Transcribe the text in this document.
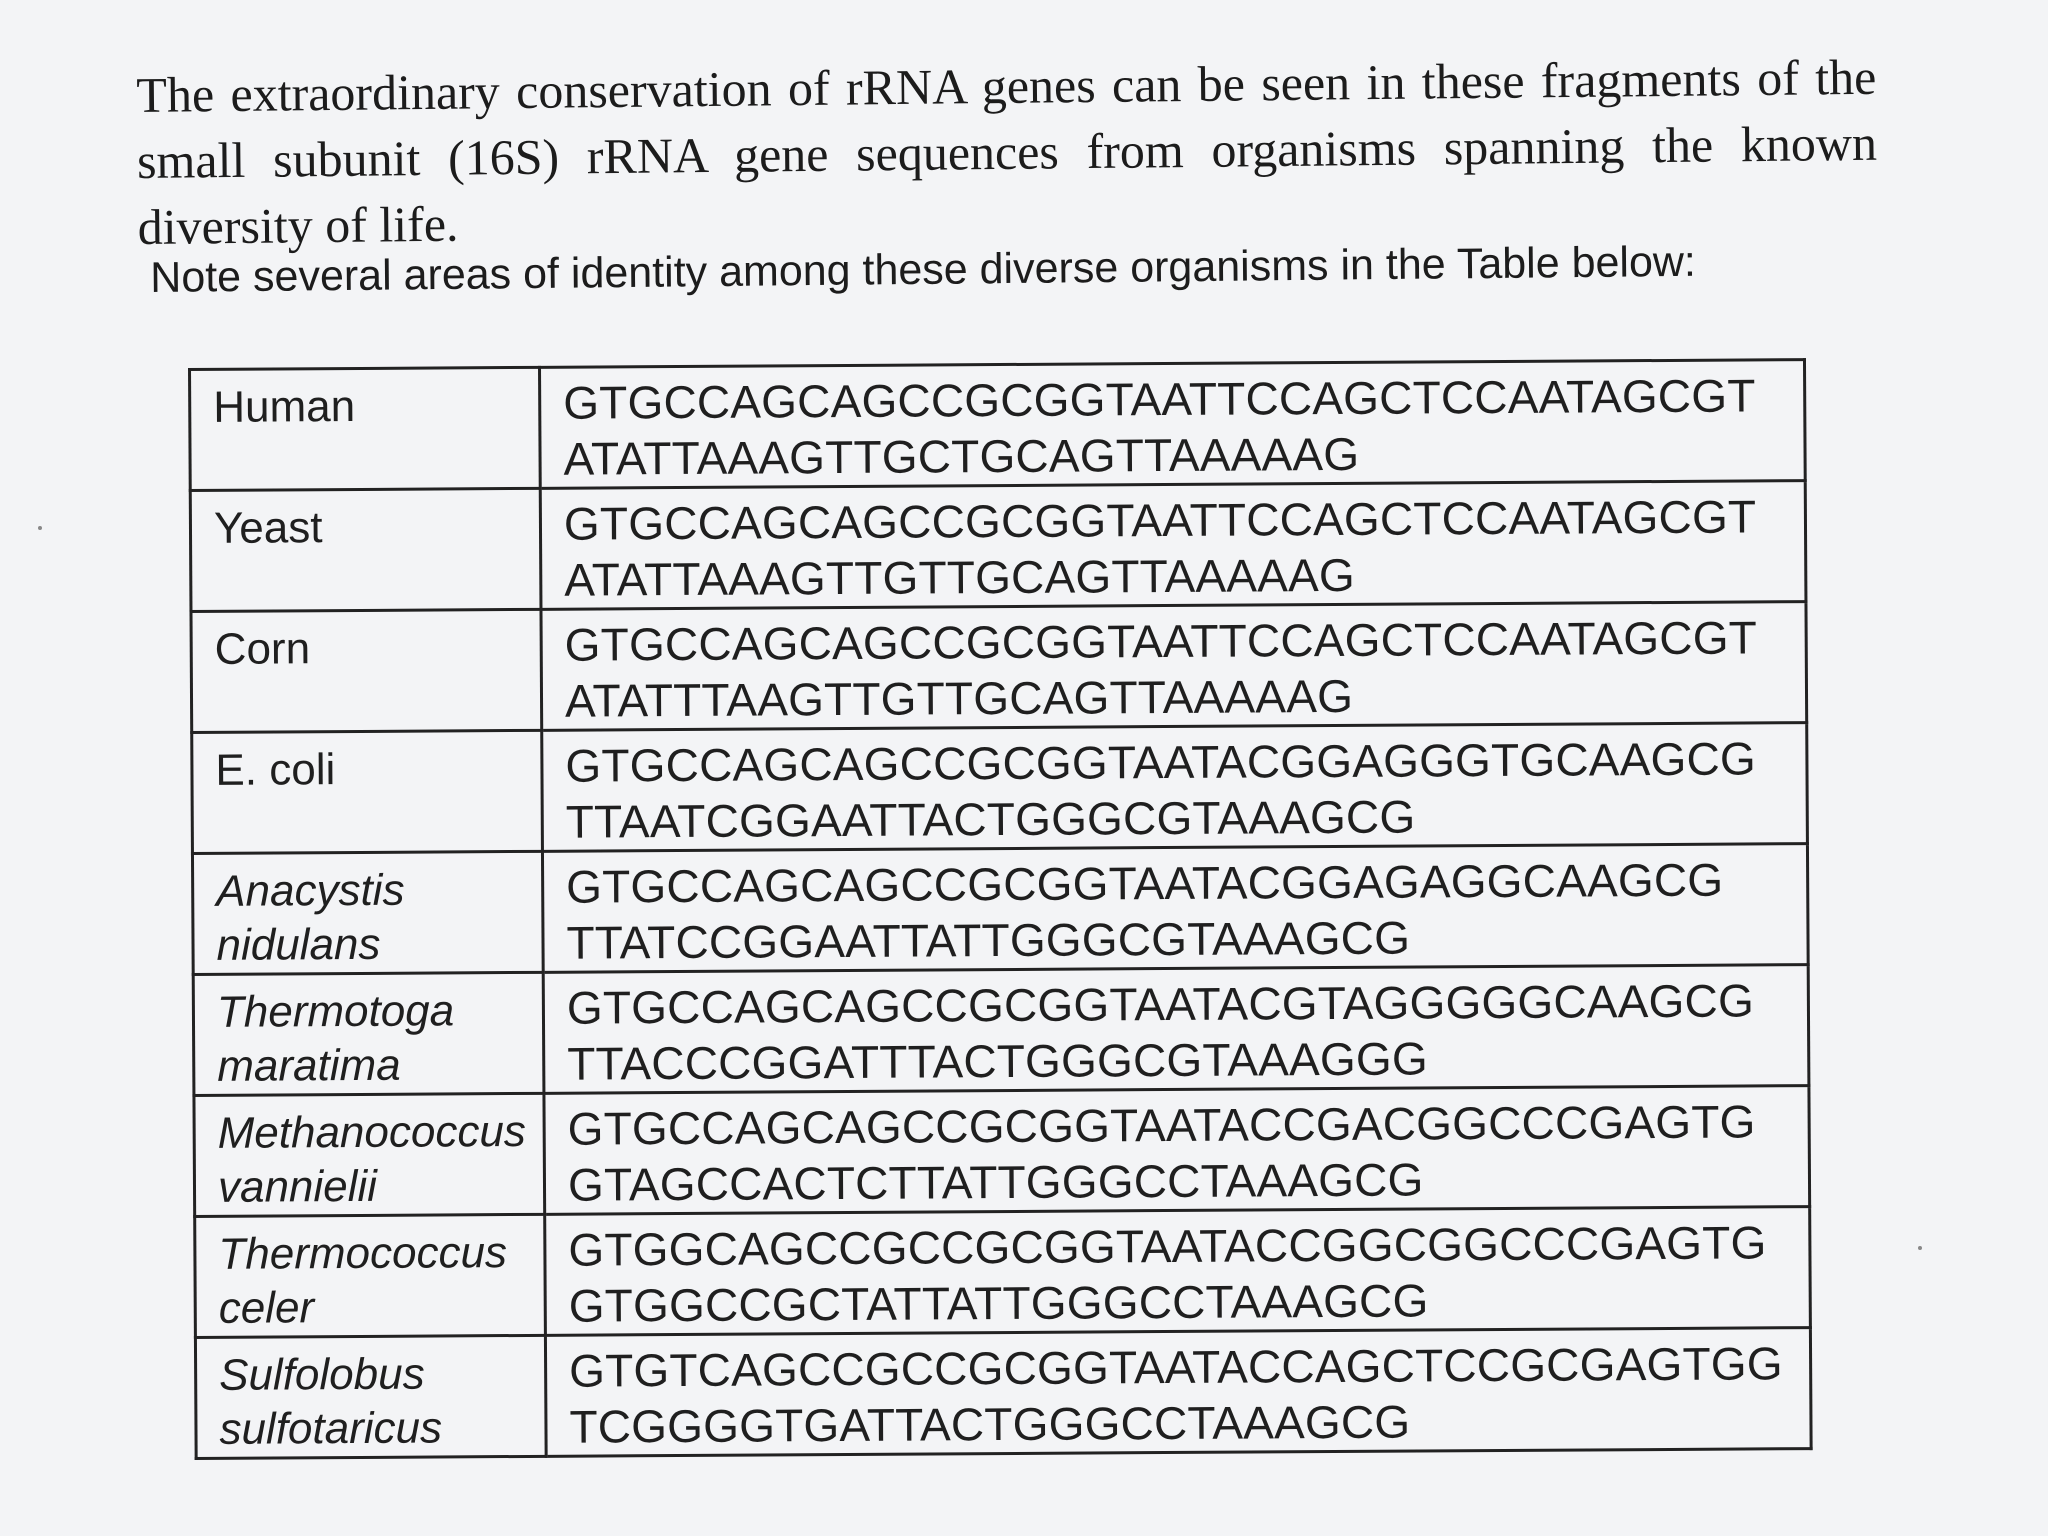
The extraordinary conservation of rRNA genes can be seen in these fragments of the small subunit (16S) rRNA gene sequences from organisms spanning the known diversity of life.
Note several areas of identity among these diverse organisms in the Table below:
Human	GTGCCAGCAGCCGCGGTAATTCCAGCTCCAATAGCGT
ATATTAAAGTTGCTGCAGTTAAAAAG

Yeast	GTGCCAGCAGCCGCGGTAATTCCAGCTCCAATAGCGT
ATATTAAAGTTGTTGCAGTTAAAAAG

Corn	GTGCCAGCAGCCGCGGTAATTCCAGCTCCAATAGCGT
ATATTTAAGTTGTTGCAGTTAAAAAG

E. coli	GTGCCAGCAGCCGCGGTAATACGGAGGGTGCAAGCG
TTAATCGGAATTACTGGGCGTAAAGCG

Anacystis nidulans	GTGCCAGCAGCCGCGGTAATACGGAGAGGCAAGCG
TTATCCGGAATTATTGGGCGTAAAGCG

Thermotoga maratima	GTGCCAGCAGCCGCGGTAATACGTAGGGGGCAAGCG
TTACCCGGATTTACTGGGCGTAAAGGG

Methanococcus vannielii	GTGCCAGCAGCCGCGGTAATACCGACGGCCCGAGTG
GTAGCCACTCTTATTGGGCCTAAAGCG

Thermococcus celer	GTGGCAGCCGCCGCGGTAATACCGGCGGCCCGAGTG
GTGGCCGCTATTATTGGGCCTAAAGCG

Sulfolobus sulfotaricus	GTGTCAGCCGCCGCGGTAATACCAGCTCCGCGAGTGG
TCGGGGTGATTACTGGGCCTAAAGCG
